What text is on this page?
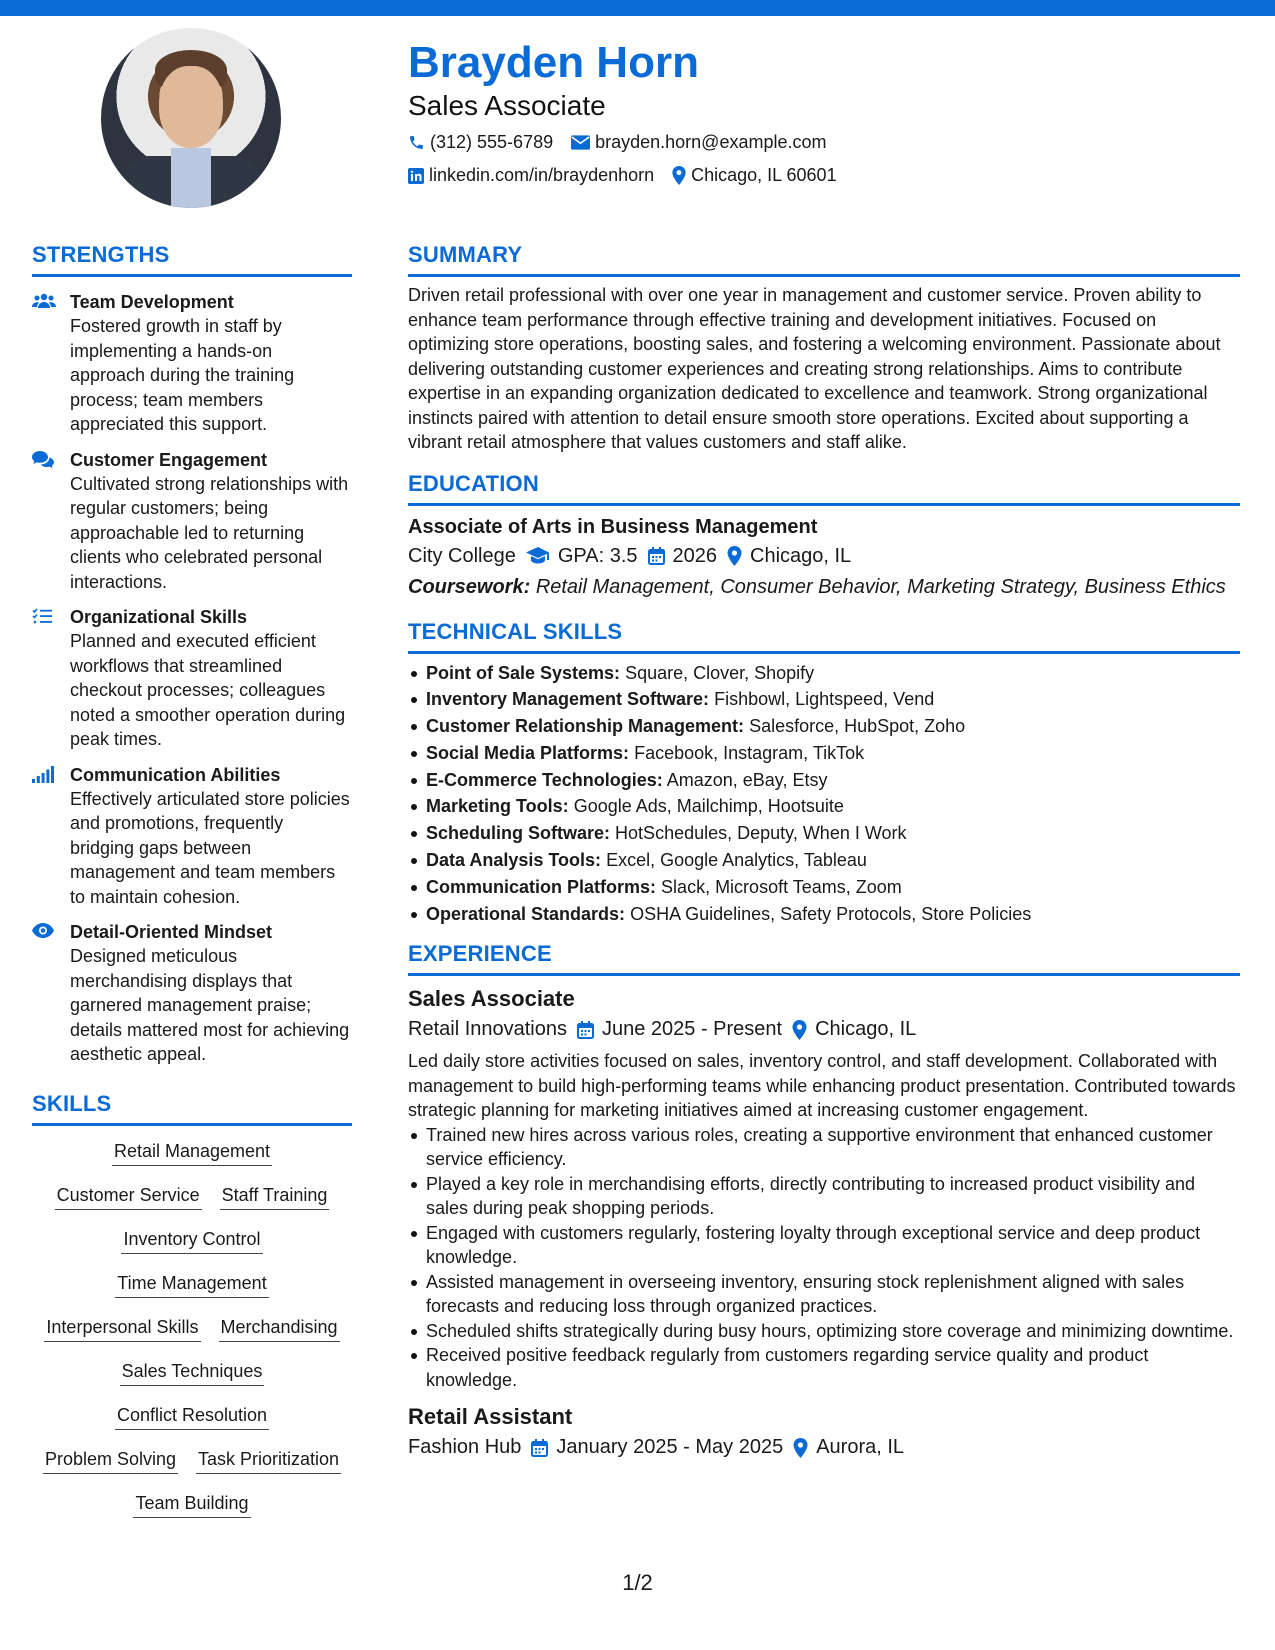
Brayden Horn
Sales Associate
(312) 555-6789 brayden.horn@example.com
linkedin.com/in/braydenhorn Chicago, IL 60601
STRENGTHS
Team Development
Fostered growth in staff by implementing a hands-on approach during the training process; team members appreciated this support.
Customer Engagement
Cultivated strong relationships with regular customers; being approachable led to returning clients who celebrated personal interactions.
Organizational Skills
Planned and executed efficient workflows that streamlined checkout processes; colleagues noted a smoother operation during peak times.
Communication Abilities
Effectively articulated store policies and promotions, frequently bridging gaps between management and team members to maintain cohesion.
Detail-Oriented Mindset
Designed meticulous merchandising displays that garnered management praise; details mattered most for achieving aesthetic appeal.
SKILLS
Retail Management
Customer Service Staff Training
Inventory Control
Time Management
Interpersonal Skills Merchandising
Sales Techniques
Conflict Resolution
Problem Solving Task Prioritization
Team Building
SUMMARY
Driven retail professional with over one year in management and customer service. Proven ability to enhance team performance through effective training and development initiatives. Focused on optimizing store operations, boosting sales, and fostering a welcoming environment. Passionate about delivering outstanding customer experiences and creating strong relationships. Aims to contribute expertise in an expanding organization dedicated to excellence and teamwork. Strong organizational instincts paired with attention to detail ensure smooth store operations. Excited about supporting a vibrant retail atmosphere that values customers and staff alike.
EDUCATION
Associate of Arts in Business Management
City College GPA: 3.5 2026 Chicago, IL
Coursework: Retail Management, Consumer Behavior, Marketing Strategy, Business Ethics
TECHNICAL SKILLS
Point of Sale Systems: Square, Clover, Shopify
Inventory Management Software: Fishbowl, Lightspeed, Vend
Customer Relationship Management: Salesforce, HubSpot, Zoho
Social Media Platforms: Facebook, Instagram, TikTok
E-Commerce Technologies: Amazon, eBay, Etsy
Marketing Tools: Google Ads, Mailchimp, Hootsuite
Scheduling Software: HotSchedules, Deputy, When I Work
Data Analysis Tools: Excel, Google Analytics, Tableau
Communication Platforms: Slack, Microsoft Teams, Zoom
Operational Standards: OSHA Guidelines, Safety Protocols, Store Policies
EXPERIENCE
Sales Associate
Retail Innovations June 2025 - Present Chicago, IL
Led daily store activities focused on sales, inventory control, and staff development. Collaborated with management to build high-performing teams while enhancing product presentation. Contributed towards strategic planning for marketing initiatives aimed at increasing customer engagement.
Trained new hires across various roles, creating a supportive environment that enhanced customer service efficiency.
Played a key role in merchandising efforts, directly contributing to increased product visibility and sales during peak shopping periods.
Engaged with customers regularly, fostering loyalty through exceptional service and deep product knowledge.
Assisted management in overseeing inventory, ensuring stock replenishment aligned with sales forecasts and reducing loss through organized practices.
Scheduled shifts strategically during busy hours, optimizing store coverage and minimizing downtime.
Received positive feedback regularly from customers regarding service quality and product knowledge.
Retail Assistant
Fashion Hub January 2025 - May 2025 Aurora, IL
1/2
